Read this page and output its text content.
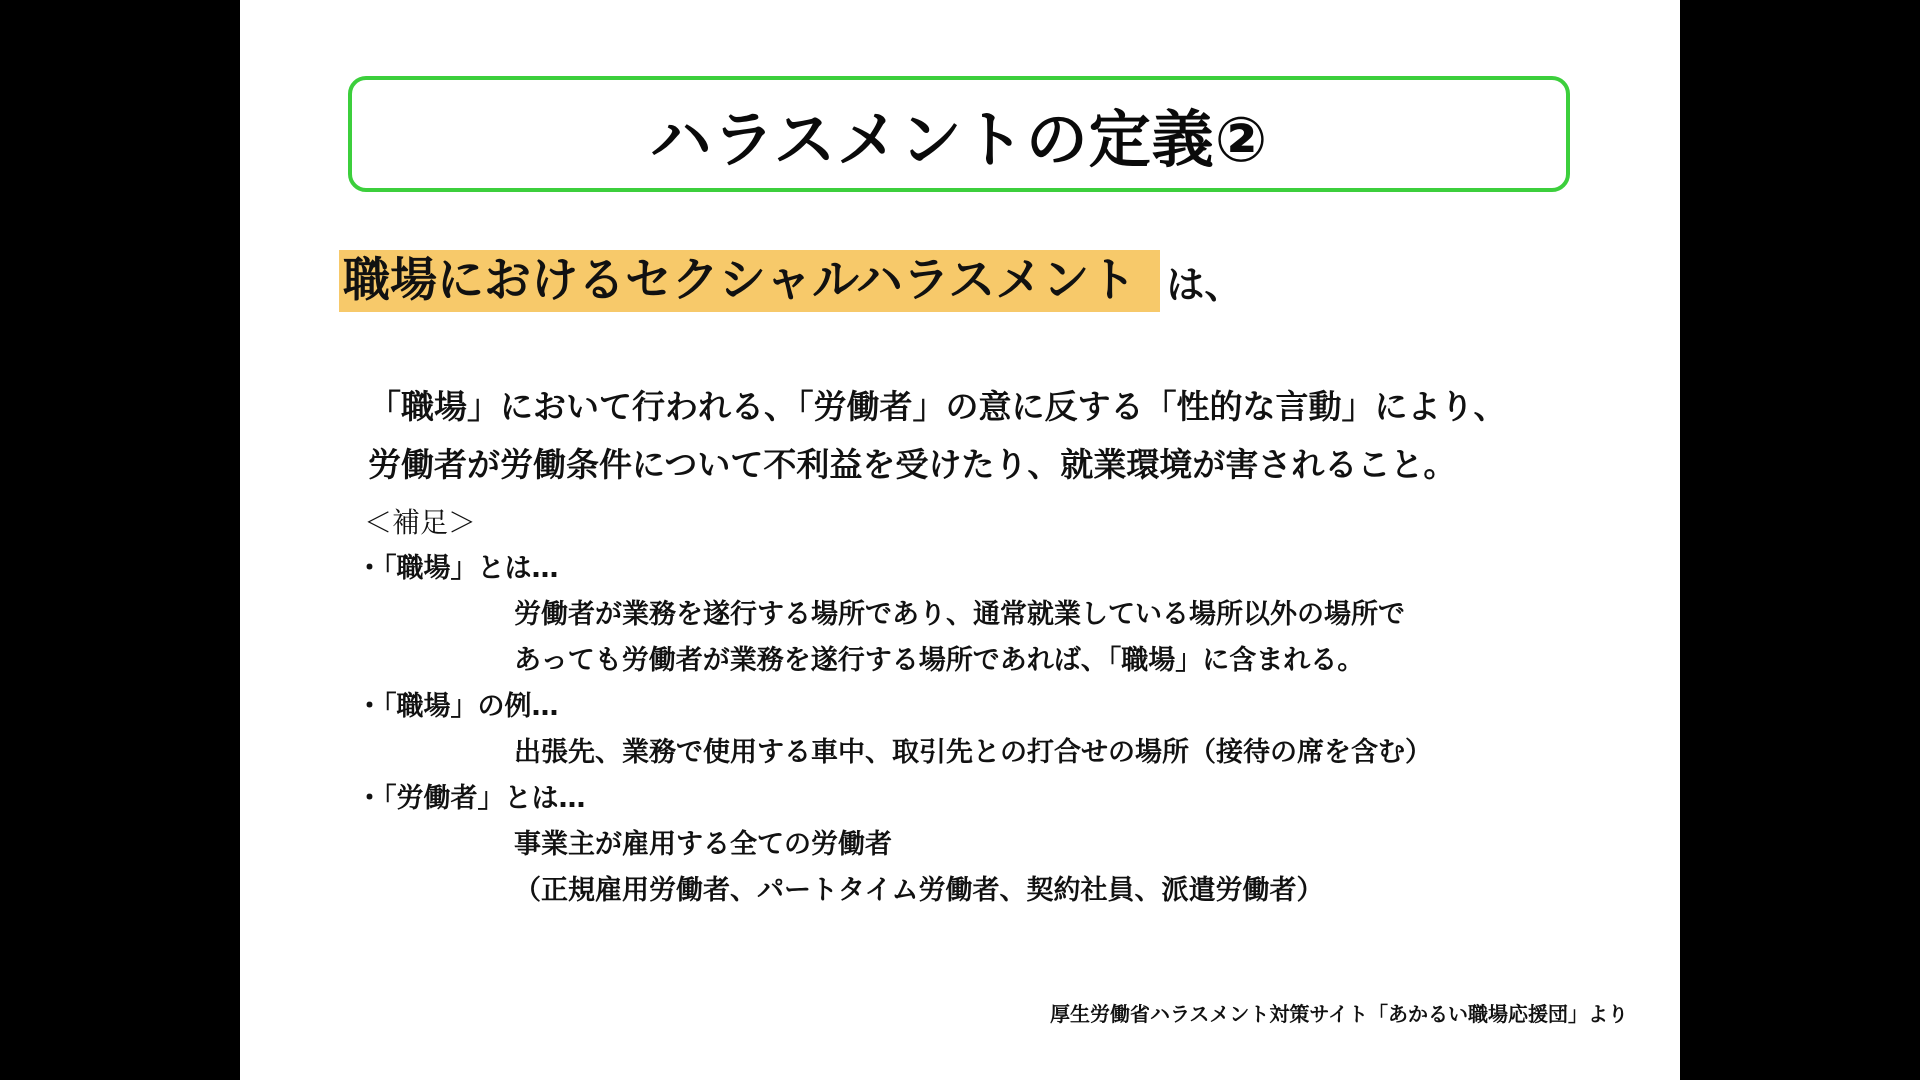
ハラスメントの定義②
職場におけるセクシャルハラスメント は、
「職場」において行われる、「労働者」の意に反する「性的な言動」により、
労働者が労働条件について不利益を受けたり、就業環境が害されること。
＜補足＞
・「職場」とは…
労働者が業務を遂行する場所であり、通常就業している場所以外の場所で
あっても労働者が業務を遂行する場所であれば、「職場」に含まれる。
・「職場」の例…
出張先、業務で使用する車中、取引先との打合せの場所（接待の席を含む）
・「労働者」とは…
事業主が雇用する全ての労働者
（正規雇用労働者、パートタイム労働者、契約社員、派遣労働者）
厚生労働省ハラスメント対策サイト「あかるい職場応援団」より
